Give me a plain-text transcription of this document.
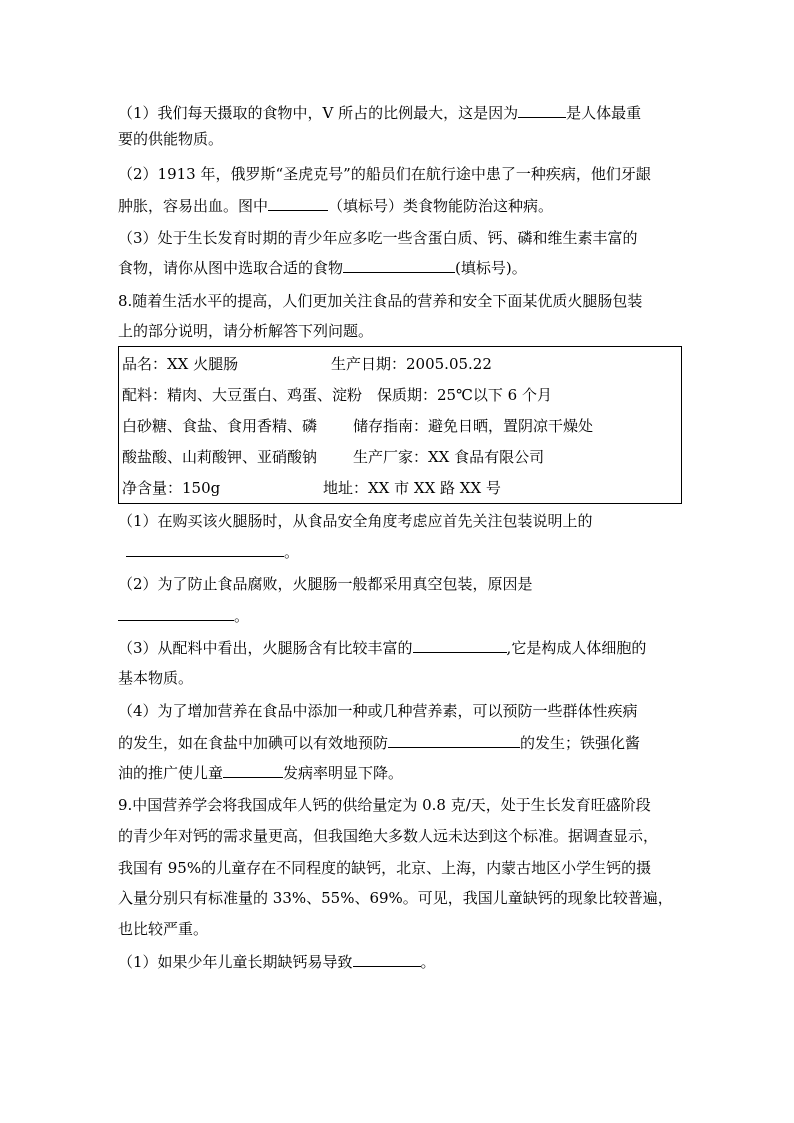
（1）我们每天摄取的食物中，V 所占的比例最大，这是因为	是人体最重
要的供能物质。
（2）1913 年，俄罗斯“圣虎克号”的船员们在航行途中患了一种疾病，他们牙龈
肿胀，容易出血。图中	（填标号）类食物能防治这种病。
（3）处于生长发育时期的青少年应多吃一些含蛋白质、钙、磷和维生素丰富的
食物，请你从图中选取合适的食物	(填标号)。
8.随着生活水平的提高，人们更加关注食品的营养和安全下面某优质火腿肠包装
上的部分说明，请分析解答下列问题。
品名：XX 火腿肠	生产日期：2005.05.22
配料：精肉、大豆蛋白、鸡蛋、淀粉 保质期：25℃以下 6 个月
白砂糖、食盐、食用香精、磷 储存指南：避免日晒，置阴凉干燥处
酸盐酸、山莉酸钾、亚硝酸钠 生产厂家：XX 食品有限公司
净含量：150g	地址：XX 市 XX 路 XX 号
（1）在购买该火腿肠时，从食品安全角度考虑应首先关注包装说明上的
。
（2）为了防止食品腐败，火腿肠一般都采用真空包装，原因是
。
（3）从配料中看出，火腿肠含有比较丰富的	,它是构成人体细胞的
基本物质。
（4）为了增加营养在食品中添加一种或几种营养素，可以预防一些群体性疾病
的发生，如在食盐中加碘可以有效地预防	的发生；铁强化酱
油的推广使儿童	发病率明显下降。
9.中国营养学会将我国成年人钙的供给量定为 0.8 克/天，处于生长发育旺盛阶段
的青少年对钙的需求量更高，但我国绝大多数人远未达到这个标准。据调查显示，
我国有 95%的儿童存在不同程度的缺钙，北京、上海，内蒙古地区小学生钙的摄
入量分别只有标准量的 33%、55%、69%。可见，我国儿童缺钙的现象比较普遍，
也比较严重。
（1）如果少年儿童长期缺钙易导致	。
